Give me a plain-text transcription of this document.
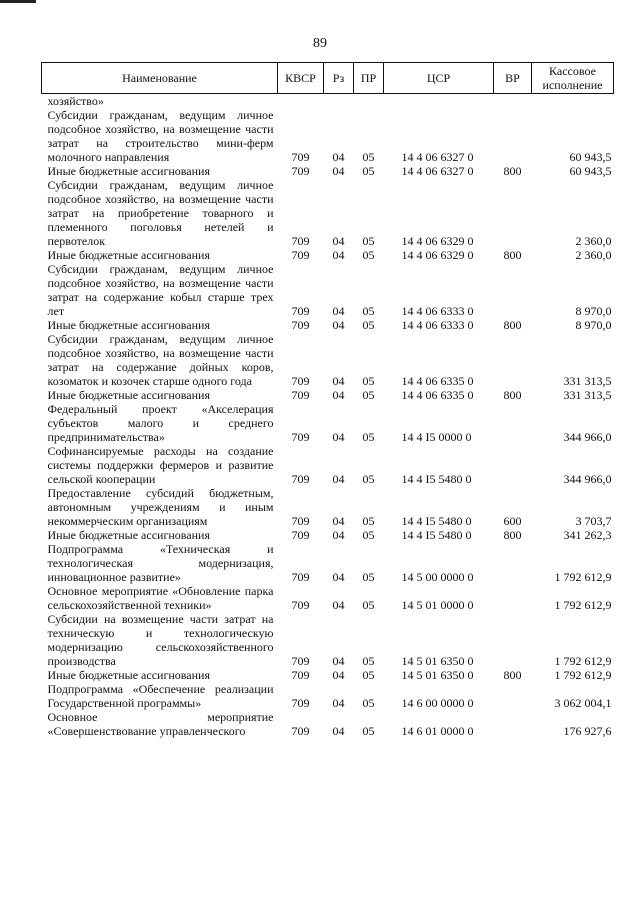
89
Наименование	КВСР	Рз	ПР	ЦСР	ВР	Кассовое
исполнение
хозяйство»						
Субсидии гражданам, ведущим личное подсобное хозяйство, на возмещение части затрат на строительство мини-ферм молочного направления	709	04	05	14 4 06 6327 0		60 943,5
Иные бюджетные ассигнования	709	04	05	14 4 06 6327 0	800	60 943,5
Субсидии гражданам, ведущим личное подсобное хозяйство, на возмещение части затрат на приобретение товарного и племенного поголовья нетелей и первотелок	709	04	05	14 4 06 6329 0		2 360,0
Иные бюджетные ассигнования	709	04	05	14 4 06 6329 0	800	2 360,0
Субсидии гражданам, ведущим личное подсобное хозяйство, на возмещение части затрат на содержание кобыл старше трех лет	709	04	05	14 4 06 6333 0		8 970,0
Иные бюджетные ассигнования	709	04	05	14 4 06 6333 0	800	8 970,0
Субсидии гражданам, ведущим личное подсобное хозяйство, на возмещение части затрат на содержание дойных коров, козоматок и козочек старше одного года	709	04	05	14 4 06 6335 0		331 313,5
Иные бюджетные ассигнования	709	04	05	14 4 06 6335 0	800	331 313,5
Федеральный проект «Акселерация субъектов малого и среднего предпринимательства»	709	04	05	14 4 I5 0000 0		344 966,0
Софинансируемые расходы на создание системы поддержки фермеров и развитие сельской кооперации	709	04	05	14 4 I5 5480 0		344 966,0
Предоставление субсидий бюджетным, автономным учреждениям и иным некоммерческим организациям	709	04	05	14 4 I5 5480 0	600	3 703,7
Иные бюджетные ассигнования	709	04	05	14 4 I5 5480 0	800	341 262,3
Подпрограмма «Техническая и технологическая модернизация, инновационное развитие»	709	04	05	14 5 00 0000 0		1 792 612,9
Основное мероприятие «Обновление парка сельскохозяйственной техники»	709	04	05	14 5 01 0000 0		1 792 612,9
Субсидии на возмещение части затрат на техническую и технологическую модернизацию сельскохозяйственного производства	709	04	05	14 5 01 6350 0		1 792 612,9
Иные бюджетные ассигнования	709	04	05	14 5 01 6350 0	800	1 792 612,9
Подпрограмма «Обеспечение реализации Государственной программы»	709	04	05	14 6 00 0000 0		3 062 004,1
Основное мероприятие «Совершенствование управленческого	709	04	05	14 6 01 0000 0		176 927,6
